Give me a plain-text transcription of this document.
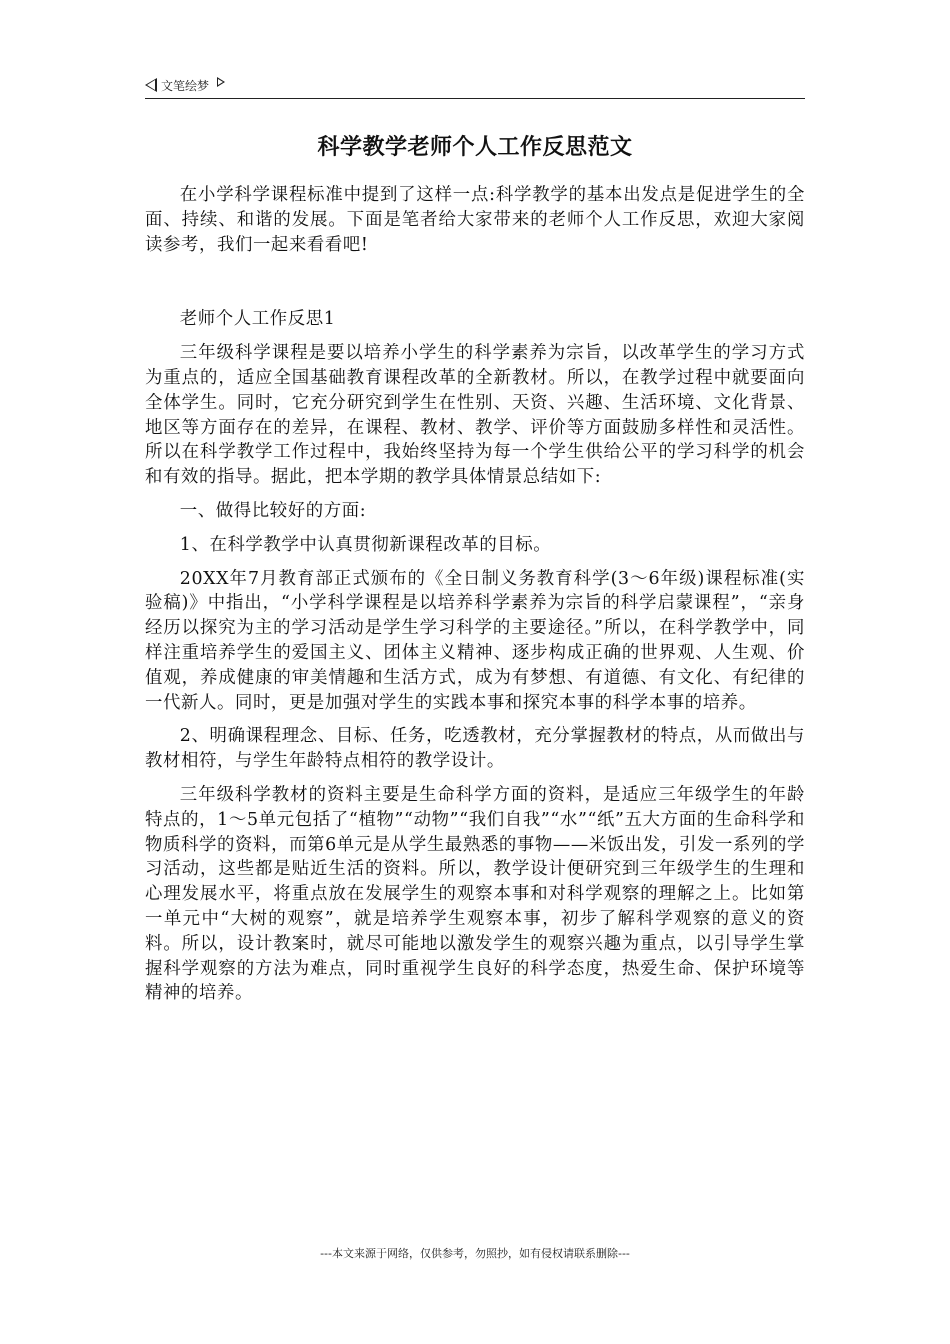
文笔绘梦
科学教学老师个人工作反思范文

在小学科学课程标准中提到了这样一点:科学教学的基本出发点是促进学生的全面、持续、和谐的发展。下面是笔者给大家带来的老师个人工作反思，欢迎大家阅读参考，我们一起来看看吧!

老师个人工作反思1

三年级科学课程是要以培养小学生的科学素养为宗旨，以改革学生的学习方式为重点的，适应全国基础教育课程改革的全新教材。所以，在教学过程中就要面向全体学生。同时，它充分研究到学生在性别、天资、兴趣、生活环境、文化背景、地区等方面存在的差异，在课程、教材、教学、评价等方面鼓励多样性和灵活性。所以在科学教学工作过程中，我始终坚持为每一个学生供给公平的学习科学的机会和有效的指导。据此，把本学期的教学具体情景总结如下:

一、做得比较好的方面:

1、在科学教学中认真贯彻新课程改革的目标。

20XX年7月教育部正式颁布的《全日制义务教育科学(3～6年级)课程标准(实验稿)》中指出，“小学科学课程是以培养科学素养为宗旨的科学启蒙课程”，“亲身经历以探究为主的学习活动是学生学习科学的主要途径。”所以，在科学教学中，同样注重培养学生的爱国主义、团体主义精神、逐步构成正确的世界观、人生观、价值观，养成健康的审美情趣和生活方式，成为有梦想、有道德、有文化、有纪律的一代新人。同时，更是加强对学生的实践本事和探究本事的科学本事的培养。

2、明确课程理念、目标、任务，吃透教材，充分掌握教材的特点，从而做出与教材相符，与学生年龄特点相符的教学设计。

三年级科学教材的资料主要是生命科学方面的资料，是适应三年级学生的年龄特点的，1～5单元包括了“植物”“动物”“我们自我”“水”“纸”五大方面的生命科学和物质科学的资料，而第6单元是从学生最熟悉的事物——米饭出发，引发一系列的学习活动，这些都是贴近生活的资料。所以，教学设计便研究到三年级学生的生理和心理发展水平，将重点放在发展学生的观察本事和对科学观察的理解之上。比如第一单元中“大树的观察”，就是培养学生观察本事，初步了解科学观察的意义的资料。所以，设计教案时，就尽可能地以激发学生的观察兴趣为重点，以引导学生掌握科学观察的方法为难点，同时重视学生良好的科学态度，热爱生命、保护环境等精神的培养。

---本文来源于网络，仅供参考，勿照抄，如有侵权请联系删除---
